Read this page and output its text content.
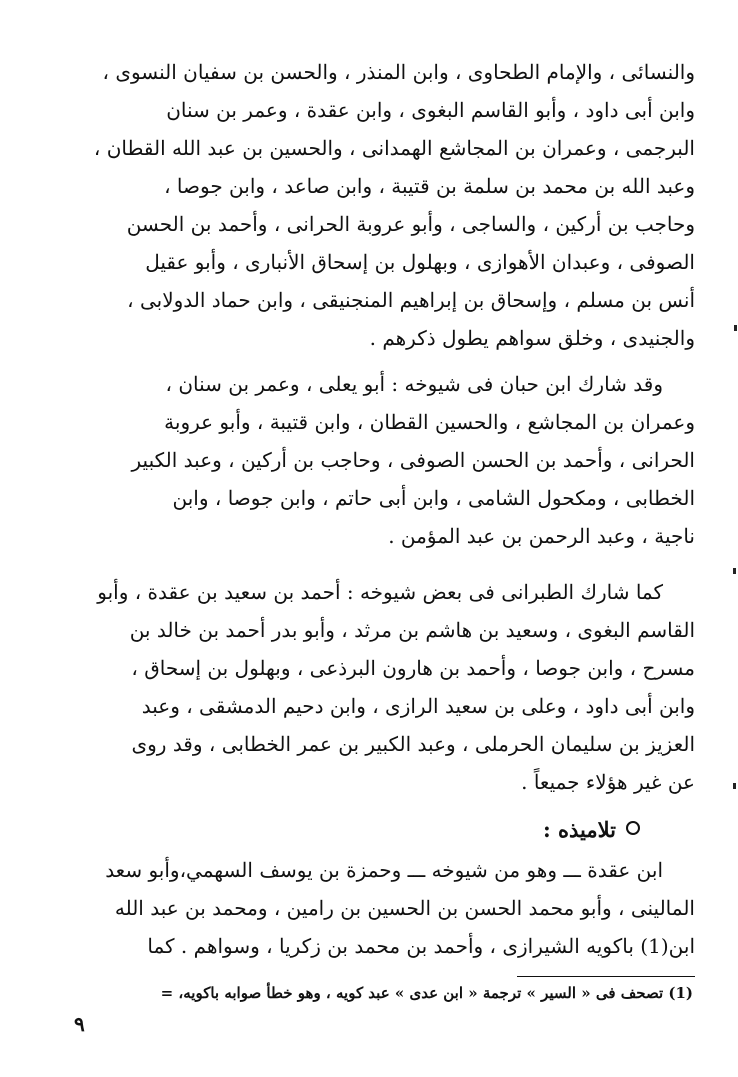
والنسائى ، والإمام الطحاوى ، وابن المنذر ، والحسن بن سفيان النسوى ،
وابن أبى داود ، وأبو القاسم البغوى ، وابن عقدة ، وعمر بن سنان
البرجمى ، وعمران بن المجاشع الهمدانى ، والحسين بن عبد الله القطان ،
وعبد الله بن محمد بن سلمة بن قتيبة ، وابن صاعد ، وابن جوصا ،
وحاجب بن أركين ، والساجى ، وأبو عروبة الحرانى ، وأحمد بن الحسن
الصوفى ، وعبدان الأهوازى ، وبهلول بن إسحاق الأنبارى ، وأبو عقيل
أنس بن مسلم ، وإسحاق بن إبراهيم المنجنيقى ، وابن حماد الدولابى ،
والجنيدى ، وخلق سواهم يطول ذكرهم .
وقد شارك ابن حبان فى شيوخه : أبو يعلى ، وعمر بن سنان ،
وعمران بن المجاشع ، والحسين القطان ، وابن قتيبة ، وأبو عروبة
الحرانى ، وأحمد بن الحسن الصوفى ، وحاجب بن أركين ، وعبد الكبير
الخطابى ، ومكحول الشامى ، وابن أبى حاتم ، وابن جوصا ، وابن
ناجية ، وعبد الرحمن بن عبد المؤمن .
كما شارك الطبرانى فى بعض شيوخه : أحمد بن سعيد بن عقدة ، وأبو
القاسم البغوى ، وسعيد بن هاشم بن مرثد ، وأبو بدر أحمد بن خالد بن
مسرح ، وابن جوصا ، وأحمد بن هارون البرذعى ، وبهلول بن إسحاق ،
وابن أبى داود ، وعلى بن سعيد الرازى ، وابن دحيم الدمشقى ، وعبد
العزيز بن سليمان الحرملى ، وعبد الكبير بن عمر الخطابى ، وقد روى
عن غير هؤلاء جميعاً .
تلاميذه :
ابن عقدة ـــ وهو من شيوخه ـــ وحمزة بن يوسف السهمي،وأبو سعد
المالينى ، وأبو محمد الحسن بن الحسين بن رامين ، ومحمد بن عبد الله
ابن(1) باكويه الشيرازى ، وأحمد بن محمد بن زكريا ، وسواهم . كما
(1) تصحف فى « السير » ترجمة « ابن عدى » عبد كويه ، وهو خطأ صوابه باكويه، =
٩
